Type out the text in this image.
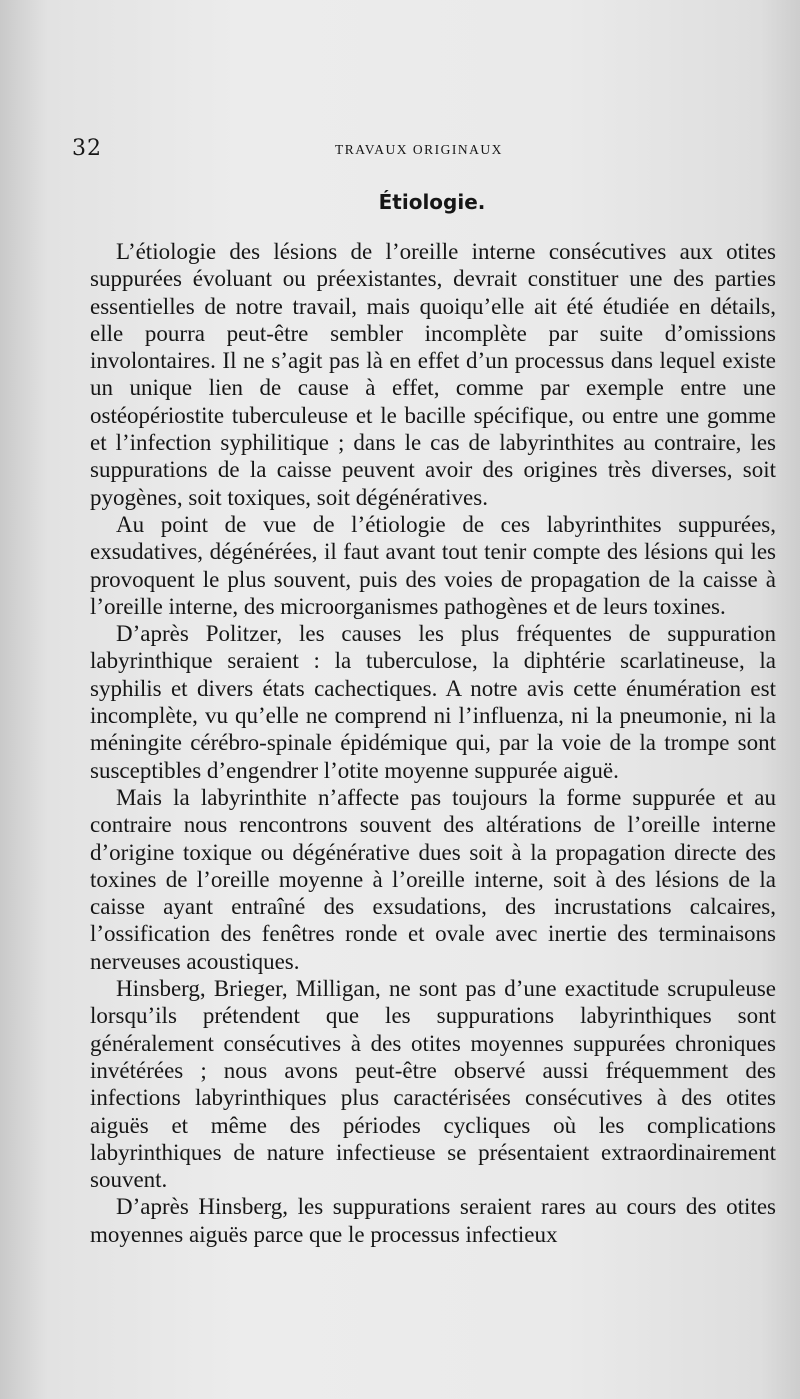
32	TRAVAUX ORIGINAUX
Étiologie.

L’étiologie des lésions de l’oreille interne consécutives aux otites suppurées évoluant ou préexistantes, devrait constituer une des parties essentielles de notre travail, mais quoiqu’elle ait été étudiée en détails, elle pourra peut-être sembler incomplète par suite d’omissions involontaires. Il ne s’agit pas là en effet d’un processus dans lequel existe un unique lien de cause à effet, comme par exemple entre une ostéopériostite tuberculeuse et le bacille spécifique, ou entre une gomme et l’infection syphilitique ; dans le cas de labyrinthites au contraire, les suppurations de la caisse peuvent avoir des origines très diverses, soit pyogènes, soit toxiques, soit dégénératives.

Au point de vue de l’étiologie de ces labyrinthites suppurées, exsudatives, dégénérées, il faut avant tout tenir compte des lésions qui les provoquent le plus souvent, puis des voies de propagation de la caisse à l’oreille interne, des microorganismes pathogènes et de leurs toxines.

D’après Politzer, les causes les plus fréquentes de suppuration labyrinthique seraient : la tuberculose, la diphtérie scarlatineuse, la syphilis et divers états cachectiques. A notre avis cette énumération est incomplète, vu qu’elle ne comprend ni l’influenza, ni la pneumonie, ni la méningite cérébro-spinale épidémique qui, par la voie de la trompe sont susceptibles d’engendrer l’otite moyenne suppurée aiguë.

Mais la labyrinthite n’affecte pas toujours la forme suppurée et au contraire nous rencontrons souvent des altérations de l’oreille interne d’origine toxique ou dégénérative dues soit à la propagation directe des toxines de l’oreille moyenne à l’oreille interne, soit à des lésions de la caisse ayant entraîné des exsudations, des incrustations calcaires, l’ossification des fenêtres ronde et ovale avec inertie des terminaisons nerveuses acoustiques.

Hinsberg, Brieger, Milligan, ne sont pas d’une exactitude scrupuleuse lorsqu’ils prétendent que les suppurations labyrinthiques sont généralement consécutives à des otites moyennes suppurées chroniques invétérées ; nous avons peut-être observé aussi fréquemment des infections labyrinthiques plus caractérisées consécutives à des otites aiguës et même des périodes cycliques où les complications labyrinthiques de nature infectieuse se présentaient extraordinairement souvent.

D’après Hinsberg, les suppurations seraient rares au cours des otites moyennes aiguës parce que le processus infectieux
